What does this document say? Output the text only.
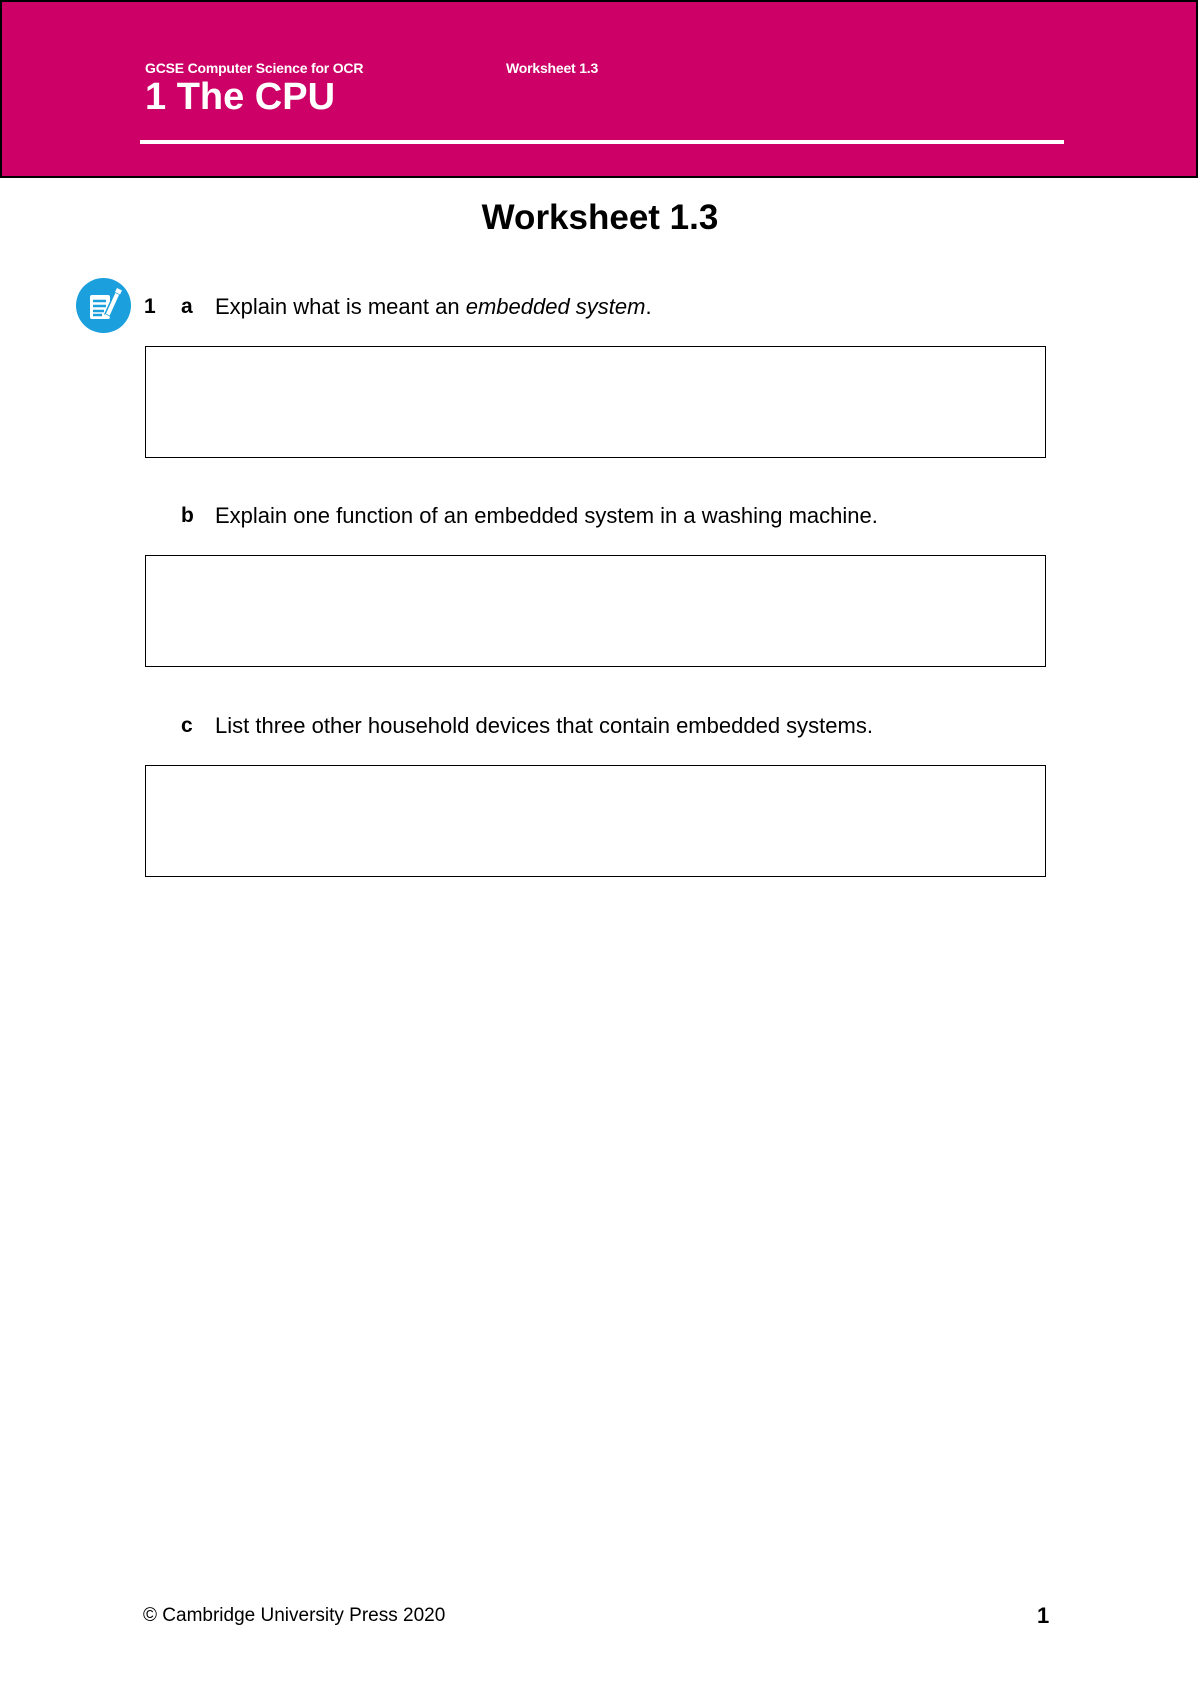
GCSE Computer Science for OCR	Worksheet 1.3
1 The CPU
Worksheet 1.3
1 a Explain what is meant an embedded system.
b Explain one function of an embedded system in a washing machine.
c List three other household devices that contain embedded systems.
© Cambridge University Press 2020	1
